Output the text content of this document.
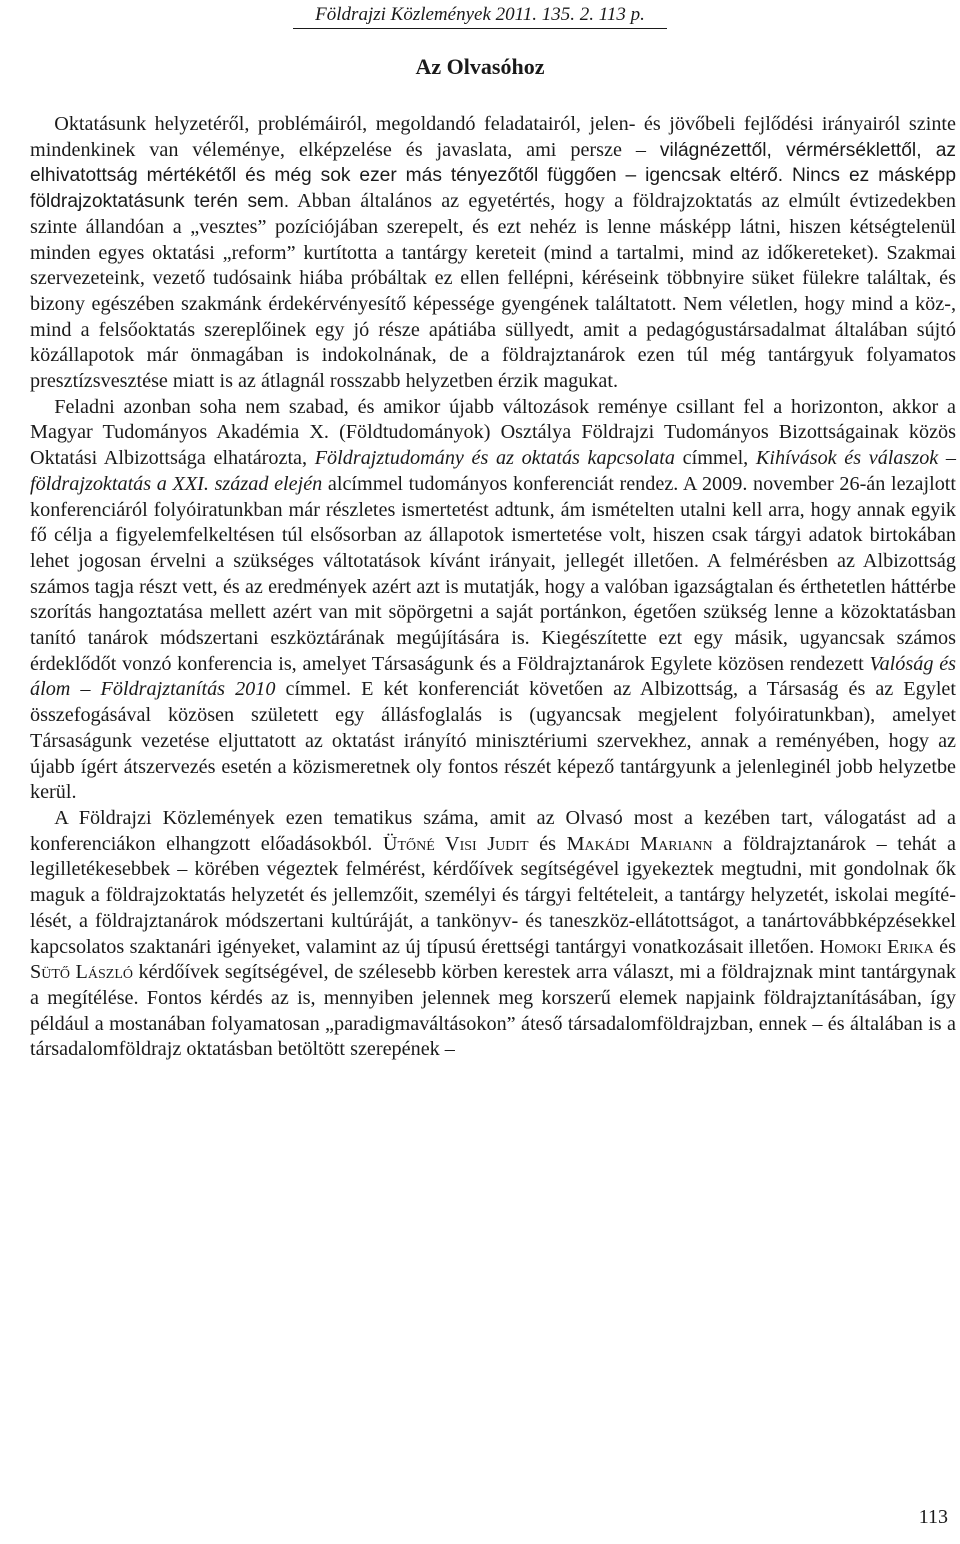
Földrajzi Közlemények 2011. 135. 2. 113 p.
Az Olvasóhoz

Oktatásunk helyzetéről, problémáiról, megoldandó feladatairól, jelen- és jövőbeli fejlődési irányairól szinte mindenkinek van véleménye, elképzelése és javaslata, ami persze – világnézettől, vérmérséklettől, az elhivatottság mértékétől és még sok ezer más tényezőtől függően – igencsak eltérő. Nincs ez másképp földrajzoktatásunk terén sem. Abban általános az egyetértés, hogy a földrajzoktatás az elmúlt évtizedekben szinte állandóan a „vesztes” pozíciójában szerepelt, és ezt nehéz is lenne másképp látni, hiszen kétségtelenül minden egyes oktatási „reform” kurtította a tantárgy kereteit (mind a tartalmi, mind az időkereteket). Szakmai szervezeteink, vezető tudósaink hiába próbáltak ez ellen fellépni, kéréseink többnyire süket fülekre találtak, és bizony egészében szakmánk érdekérvényesítő képessége gyengének találtatott. Nem véletlen, hogy mind a köz-, mind a felsőoktatás szereplőinek egy jó része apátiába süllyedt, amit a pedagógustársadalmat általában sújtó közállapotok már önmagában is indokolnának, de a földrajztanárok ezen túl még tantárgyuk folyamatos presztízsvesztése miatt is az átlagnál rosszabb helyzetben érzik magukat.

Feladni azonban soha nem szabad, és amikor újabb változások reménye csillant fel a horizonton, akkor a Magyar Tudományos Akadémia X. (Földtudományok) Osztálya Földrajzi Tudományos Bizottságainak közös Oktatási Albizottsága elhatározta, Földrajztudomány és az oktatás kapcsolata címmel, Kihívások és válaszok – földrajzoktatás a XXI. század elején alcímmel tudományos konferenciát rendez. A 2009. november 26-án lezajlott konferenciáról folyóiratunkban már részletes ismertetést adtunk, ám ismételten utalni kell arra, hogy annak egyik fő célja a figyelemfelkeltésen túl elsősorban az állapotok ismertetése volt, hiszen csak tárgyi adatok birtokában lehet jogosan érvelni a szükséges váltotatások kívánt irányait, jellegét illetően. A felmérésben az Albizottság számos tagja részt vett, és az eredmények azért azt is mutatják, hogy a valóban igazságtalan és érthetetlen háttérbe szorítás hangoztatása mellett azért van mit söpörgetni a saját portánkon, égetően szükség lenne a közoktatásban tanító tanárok módszertani eszköztárának megújítására is. Kiegészítette ezt egy másik, ugyancsak számos érdeklődőt vonzó konferencia is, amelyet Társaságunk és a Földrajztanárok Egylete közösen rendezett Valóság és álom – Földrajztanítás 2010 címmel. E két konferenciát követően az Albizottság, a Társaság és az Egylet összefogásával közösen született egy állásfoglalás is (ugyancsak megjelent folyóiratunkban), amelyet Társaságunk vezetése eljuttatott az oktatást irányító minisztériumi szervekhez, annak a reményében, hogy az újabb ígért átszervezés esetén a közismeretnek oly fontos részét képező tantárgyunk a jelenleginél jobb helyzetbe kerül.

A Földrajzi Közlemények ezen tematikus száma, amit az Olvasó most a kezében tart, válogatást ad a konferenciákon elhangzott előadásokból. Ütőné Visi Judit és Makádi Mariann a földrajztanárok – tehát a legilletékesebbek – körében végeztek felmérést, kérdőívek segítségével igyekeztek megtudni, mit gondolnak ők maguk a földrajzoktatás helyzetét és jellemzőit, személyi és tárgyi feltételeit, a tantárgy helyzetét, iskolai megítélését, a földrajztanárok módszertani kultúráját, a tankönyv- és taneszköz-ellátottságot, a tanártovábbképzésekkel kapcsolatos szaktanári igényeket, valamint az új típusú érettségi tantárgyi vonatkozásait illetően. Homoki Erika és Sütő László kérdőívek segítségével, de szélesebb körben kerestek arra választ, mi a földrajznak mint tantárgynak a megítélése. Fontos kérdés az is, mennyiben jelennek meg korszerű elemek napjaink földrajztanításában, így például a mostanában folyamatosan „paradigmaváltásokon” áteső társadalomföldrajzban, ennek – és általában is a társadalomföldrajz oktatásban betöltött szerepének –

113
